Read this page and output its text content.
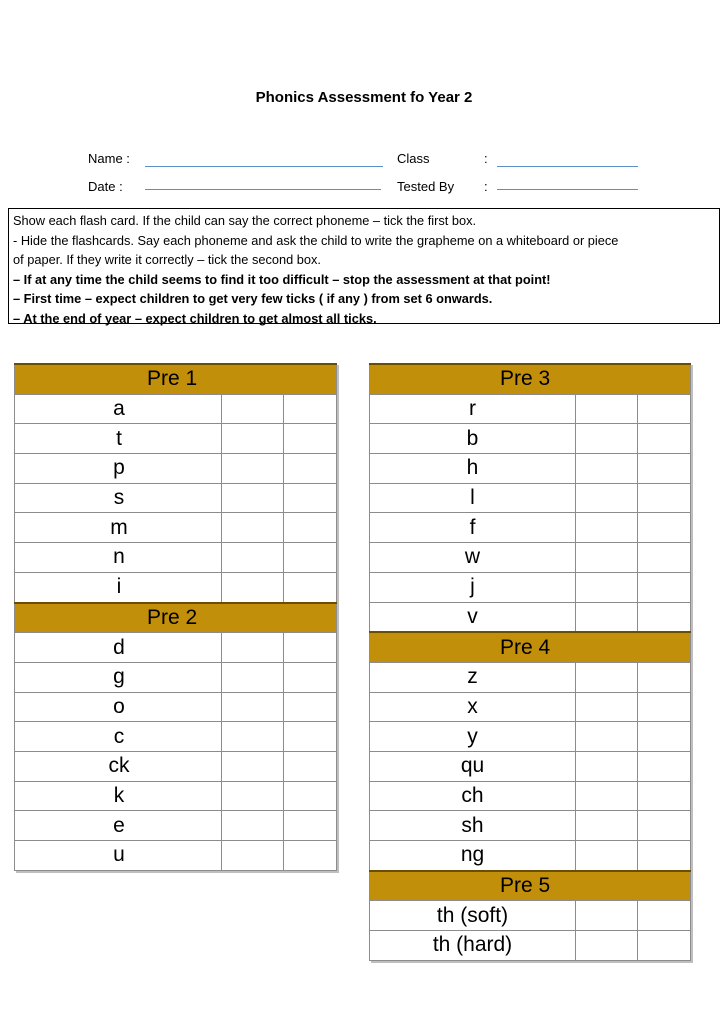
Phonics Assessment fo Year 2
Name :	Class	:
Date :	Tested By :
Show each flash card. If the child can say the correct phoneme – tick the first box.
- Hide the flashcards. Say each phoneme and ask the child to write the grapheme on a whiteboard or piece
of paper. If they write it correctly – tick the second box.
– If at any time the child seems to find it too difficult – stop the assessment at that point!
– First time – expect children to get very few ticks ( if any ) from set 6 onwards.
– At the end of year – expect children to get almost all ticks.
Pre 1		
a		
t		
p		
s		
m		
n		
i		
Pre 2		
d		
g		
o		
c		
ck		
k		
e		
u		
Pre 3		
r		
b		
h		
l		
f		
w		
j		
v		
Pre 4		
z		
x		
y		
qu		
ch		
sh		
ng		
Pre 5		
th (soft)		
th (hard)		
